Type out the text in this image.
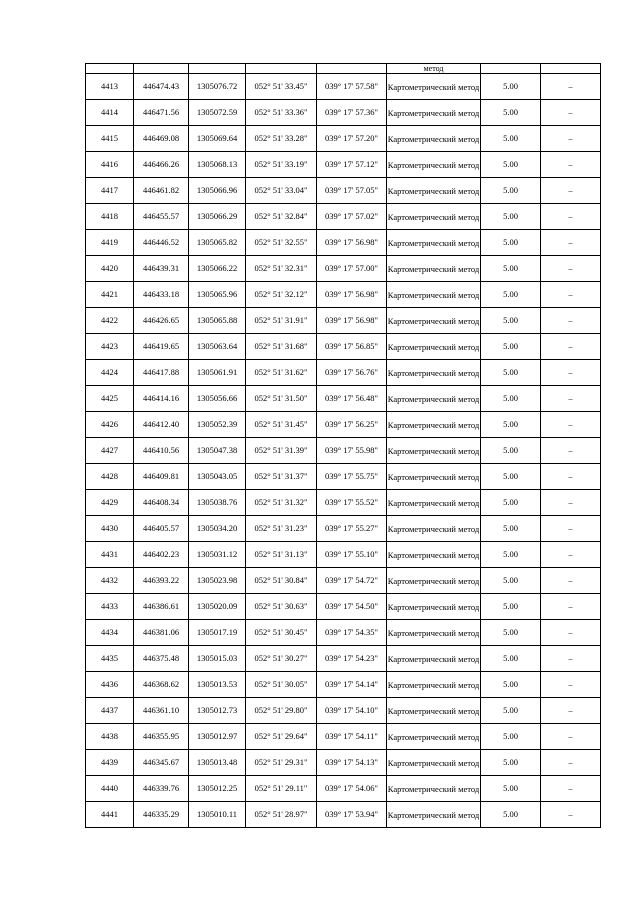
					метод		
4413	446474.43	1305076.72	052° 51' 33.45"	039° 17' 57.58"	Картометрический метод	5.00	–
4414	446471.56	1305072.59	052° 51' 33.36"	039° 17' 57.36"	Картометрический метод	5.00	–
4415	446469.08	1305069.64	052° 51' 33.28"	039° 17' 57.20"	Картометрический метод	5.00	–
4416	446466.26	1305068.13	052° 51' 33.19"	039° 17' 57.12"	Картометрический метод	5.00	–
4417	446461.82	1305066.96	052° 51' 33.04"	039° 17' 57.05"	Картометрический метод	5.00	–
4418	446455.57	1305066.29	052° 51' 32.84"	039° 17' 57.02"	Картометрический метод	5.00	–
4419	446446.52	1305065.82	052° 51' 32.55"	039° 17' 56.98"	Картометрический метод	5.00	–
4420	446439.31	1305066.22	052° 51' 32.31"	039° 17' 57.00"	Картометрический метод	5.00	–
4421	446433.18	1305065.96	052° 51' 32.12"	039° 17' 56.98"	Картометрический метод	5.00	–
4422	446426.65	1305065.88	052° 51' 31.91"	039° 17' 56.98"	Картометрический метод	5.00	–
4423	446419.65	1305063.64	052° 51' 31.68"	039° 17' 56.85"	Картометрический метод	5.00	–
4424	446417.88	1305061.91	052° 51' 31.62"	039° 17' 56.76"	Картометрический метод	5.00	–
4425	446414.16	1305056.66	052° 51' 31.50"	039° 17' 56.48"	Картометрический метод	5.00	–
4426	446412.40	1305052.39	052° 51' 31.45"	039° 17' 56.25"	Картометрический метод	5.00	–
4427	446410.56	1305047.38	052° 51' 31.39"	039° 17' 55.98"	Картометрический метод	5.00	–
4428	446409.81	1305043.05	052° 51' 31.37"	039° 17' 55.75"	Картометрический метод	5.00	–
4429	446408.34	1305038.76	052° 51' 31.32"	039° 17' 55.52"	Картометрический метод	5.00	–
4430	446405.57	1305034.20	052° 51' 31.23"	039° 17' 55.27"	Картометрический метод	5.00	–
4431	446402.23	1305031.12	052° 51' 31.13"	039° 17' 55.10"	Картометрический метод	5.00	–
4432	446393.22	1305023.98	052° 51' 30.84"	039° 17' 54.72"	Картометрический метод	5.00	–
4433	446386.61	1305020.09	052° 51' 30.63"	039° 17' 54.50"	Картометрический метод	5.00	–
4434	446381.06	1305017.19	052° 51' 30.45"	039° 17' 54.35"	Картометрический метод	5.00	–
4435	446375.48	1305015.03	052° 51' 30.27"	039° 17' 54.23"	Картометрический метод	5.00	–
4436	446368.62	1305013.53	052° 51' 30.05"	039° 17' 54.14"	Картометрический метод	5.00	–
4437	446361.10	1305012.73	052° 51' 29.80"	039° 17' 54.10"	Картометрический метод	5.00	–
4438	446355.95	1305012.97	052° 51' 29.64"	039° 17' 54.11"	Картометрический метод	5.00	–
4439	446345.67	1305013.48	052° 51' 29.31"	039° 17' 54.13"	Картометрический метод	5.00	–
4440	446339.76	1305012.25	052° 51' 29.11"	039° 17' 54.06"	Картометрический метод	5.00	–
4441	446335.29	1305010.11	052° 51' 28.97"	039° 17' 53.94"	Картометрический метод	5.00	–
